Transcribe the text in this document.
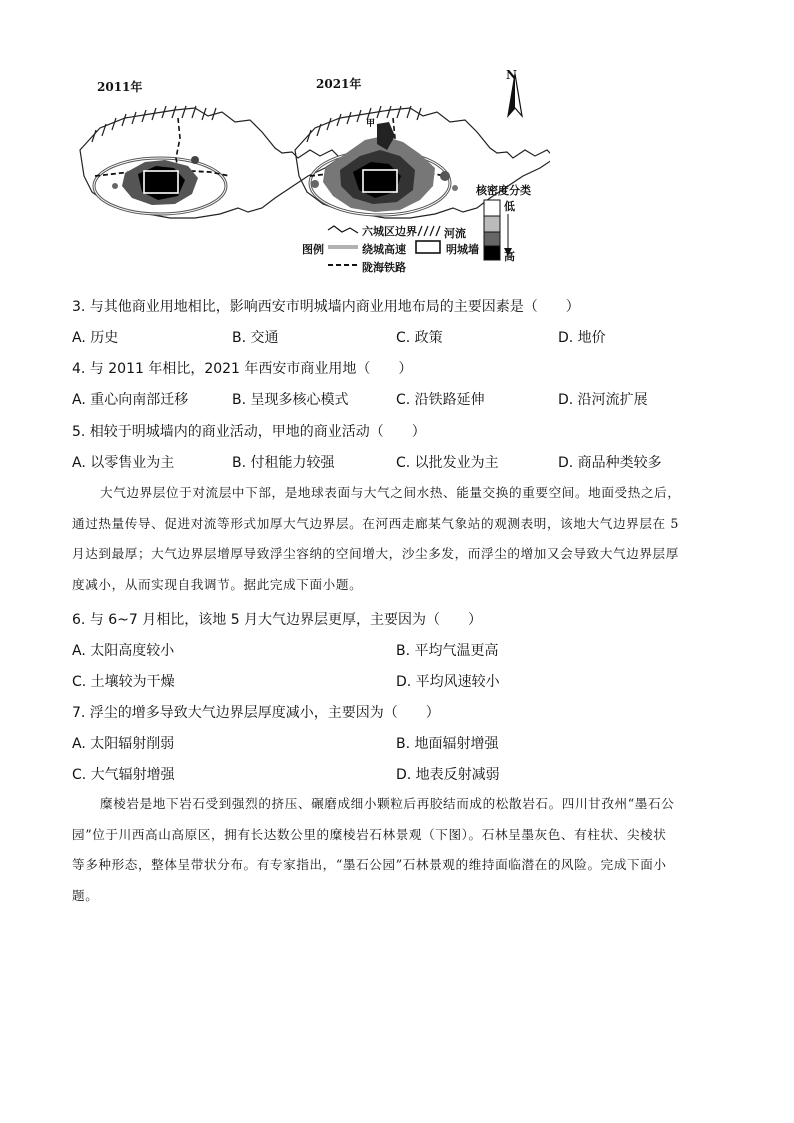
2011年	2021年
图例
六城区边界
绕城高速
陇海铁路
河流
明城墙
N
核密度分类
低
高
甲
3. 与其他商业用地相比，影响西安市明城墙内商业用地布局的主要因素是（　　）
A. 历史	B. 交通	C. 政策	D. 地价
4. 与 2011 年相比，2021 年西安市商业用地（　　）
A. 重心向南部迁移	B. 呈现多核心模式	C. 沿铁路延伸	D. 沿河流扩展
5. 相较于明城墙内的商业活动，甲地的商业活动（　　）
A. 以零售业为主	B. 付租能力较强	C. 以批发业为主	D. 商品种类较多
大气边界层位于对流层中下部，是地球表面与大气之间水热、能量交换的重要空间。地面受热之后，
通过热量传导、促进对流等形式加厚大气边界层。在河西走廊某气象站的观测表明，该地大气边界层在 5
月达到最厚；大气边界层增厚导致浮尘容纳的空间增大，沙尘多发，而浮尘的增加又会导致大气边界层厚
度减小，从而实现自我调节。据此完成下面小题。
6. 与 6~7 月相比，该地 5 月大气边界层更厚，主要因为（　　）
A. 太阳高度较小	B. 平均气温更高
C. 土壤较为干燥	D. 平均风速较小
7. 浮尘的增多导致大气边界层厚度减小，主要因为（　　）
A. 太阳辐射削弱	B. 地面辐射增强
C. 大气辐射增强	D. 地表反射减弱
糜棱岩是地下岩石受到强烈的挤压、碾磨成细小颗粒后再胶结而成的松散岩石。四川甘孜州“墨石公
园”位于川西高山高原区，拥有长达数公里的糜棱岩石林景观（下图）。石林呈墨灰色、有柱状、尖棱状
等多种形态，整体呈带状分布。有专家指出，“墨石公园”石林景观的维持面临潜在的风险。完成下面小
题。
